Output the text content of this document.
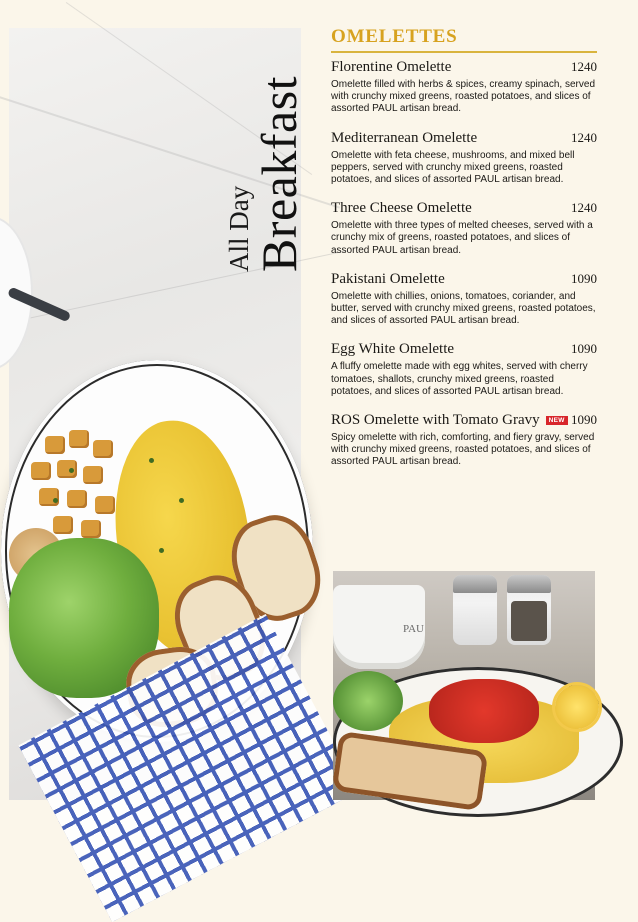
All Day
Breakfast
OMELETTES
Florentine Omelette	1240
Omelette filled with herbs & spices, creamy spinach, served with crunchy mixed greens, roasted potatoes, and slices of assorted PAUL artisan bread.
Mediterranean Omelette	1240
Omelette with feta cheese, mushrooms, and mixed bell peppers, served with crunchy mixed greens, roasted potatoes, and slices of assorted PAUL artisan bread.
Three Cheese Omelette	1240
Omelette with three types of melted cheeses, served with a crunchy mix of greens, roasted potatoes, and slices of assorted PAUL artisan bread.
Pakistani Omelette	1090
Omelette with chillies, onions, tomatoes, coriander, and butter, served with crunchy mixed greens, roasted potatoes, and slices of assorted PAUL artisan bread.
Egg White Omelette	1090
A fluffy omelette made with egg whites, served with cherry tomatoes, shallots, crunchy mixed greens, roasted potatoes, and slices of assorted PAUL artisan bread.
ROS Omelette with Tomato Gravy NEW 1090
Spicy omelette with rich, comforting, and fiery gravy, served with crunchy mixed greens, roasted potatoes, and slices of assorted PAUL artisan bread.
PAU
